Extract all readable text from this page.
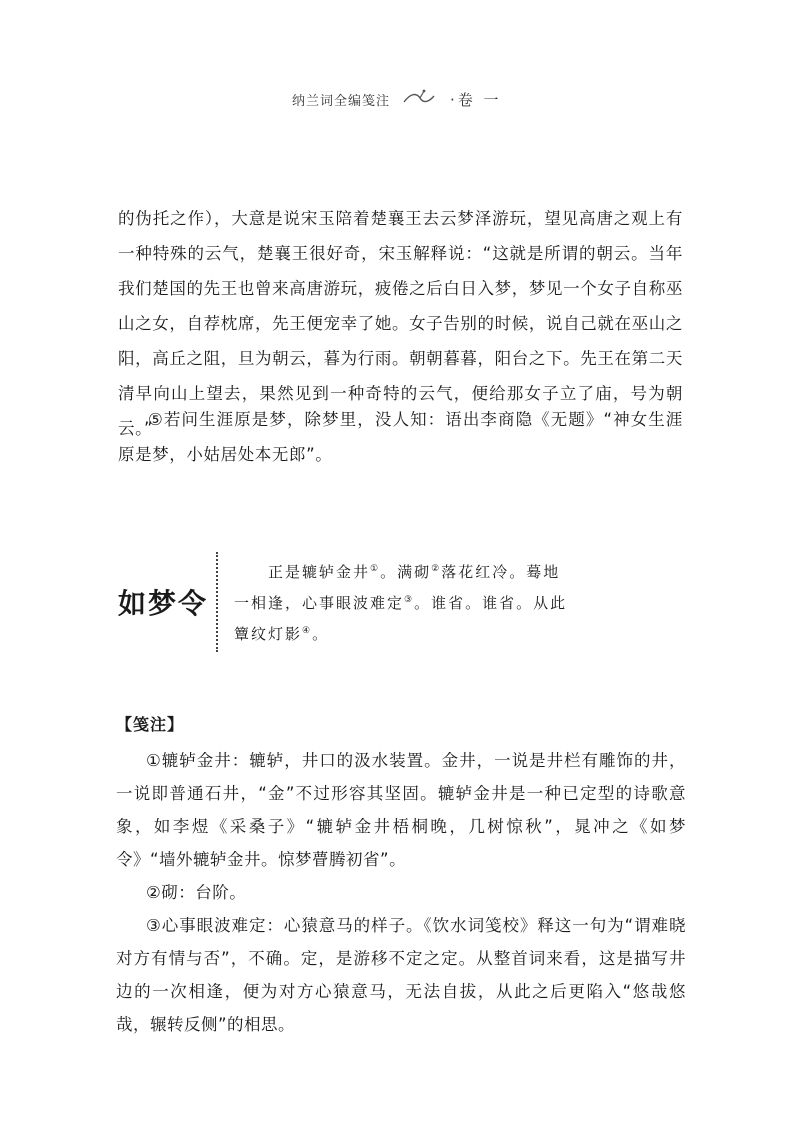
纳兰词全编笺注	·卷 一

的伪托之作），大意是说宋玉陪着楚襄王去云梦泽游玩，望见高唐之观上有一种特殊的云气，楚襄王很好奇，宋玉解释说：“这就是所谓的朝云。当年我们楚国的先王也曾来高唐游玩，疲倦之后白日入梦，梦见一个女子自称巫山之女，自荐枕席，先王便宠幸了她。女子告别的时候，说自己就在巫山之阳，高丘之阻，旦为朝云，暮为行雨。朝朝暮暮，阳台之下。先王在第二天清早向山上望去，果然见到一种奇特的云气，便给那女子立了庙，号为朝云。”

⑤若问生涯原是梦，除梦里，没人知：语出李商隐《无题》“神女生涯原是梦，小姑居处本无郎”。

如梦令

正是辘轳金井①。满砌②落花红冷。蓦地一相逢，心事眼波难定③。谁省。谁省。从此簟纹灯影④。

【笺注】

①辘轳金井：辘轳，井口的汲水装置。金井，一说是井栏有雕饰的井，一说即普通石井，“金”不过形容其坚固。辘轳金井是一种已定型的诗歌意象，如李煜《采桑子》“辘轳金井梧桐晚，几树惊秋”，晁冲之《如梦令》“墙外辘轳金井。惊梦瞢腾初省”。

②砌：台阶。

③心事眼波难定：心猿意马的样子。《饮水词笺校》释这一句为“谓难晓对方有情与否”，不确。定，是游移不定之定。从整首词来看，这是描写井边的一次相逢，便为对方心猿意马，无法自拔，从此之后更陷入“悠哉悠哉，辗转反侧”的相思。
